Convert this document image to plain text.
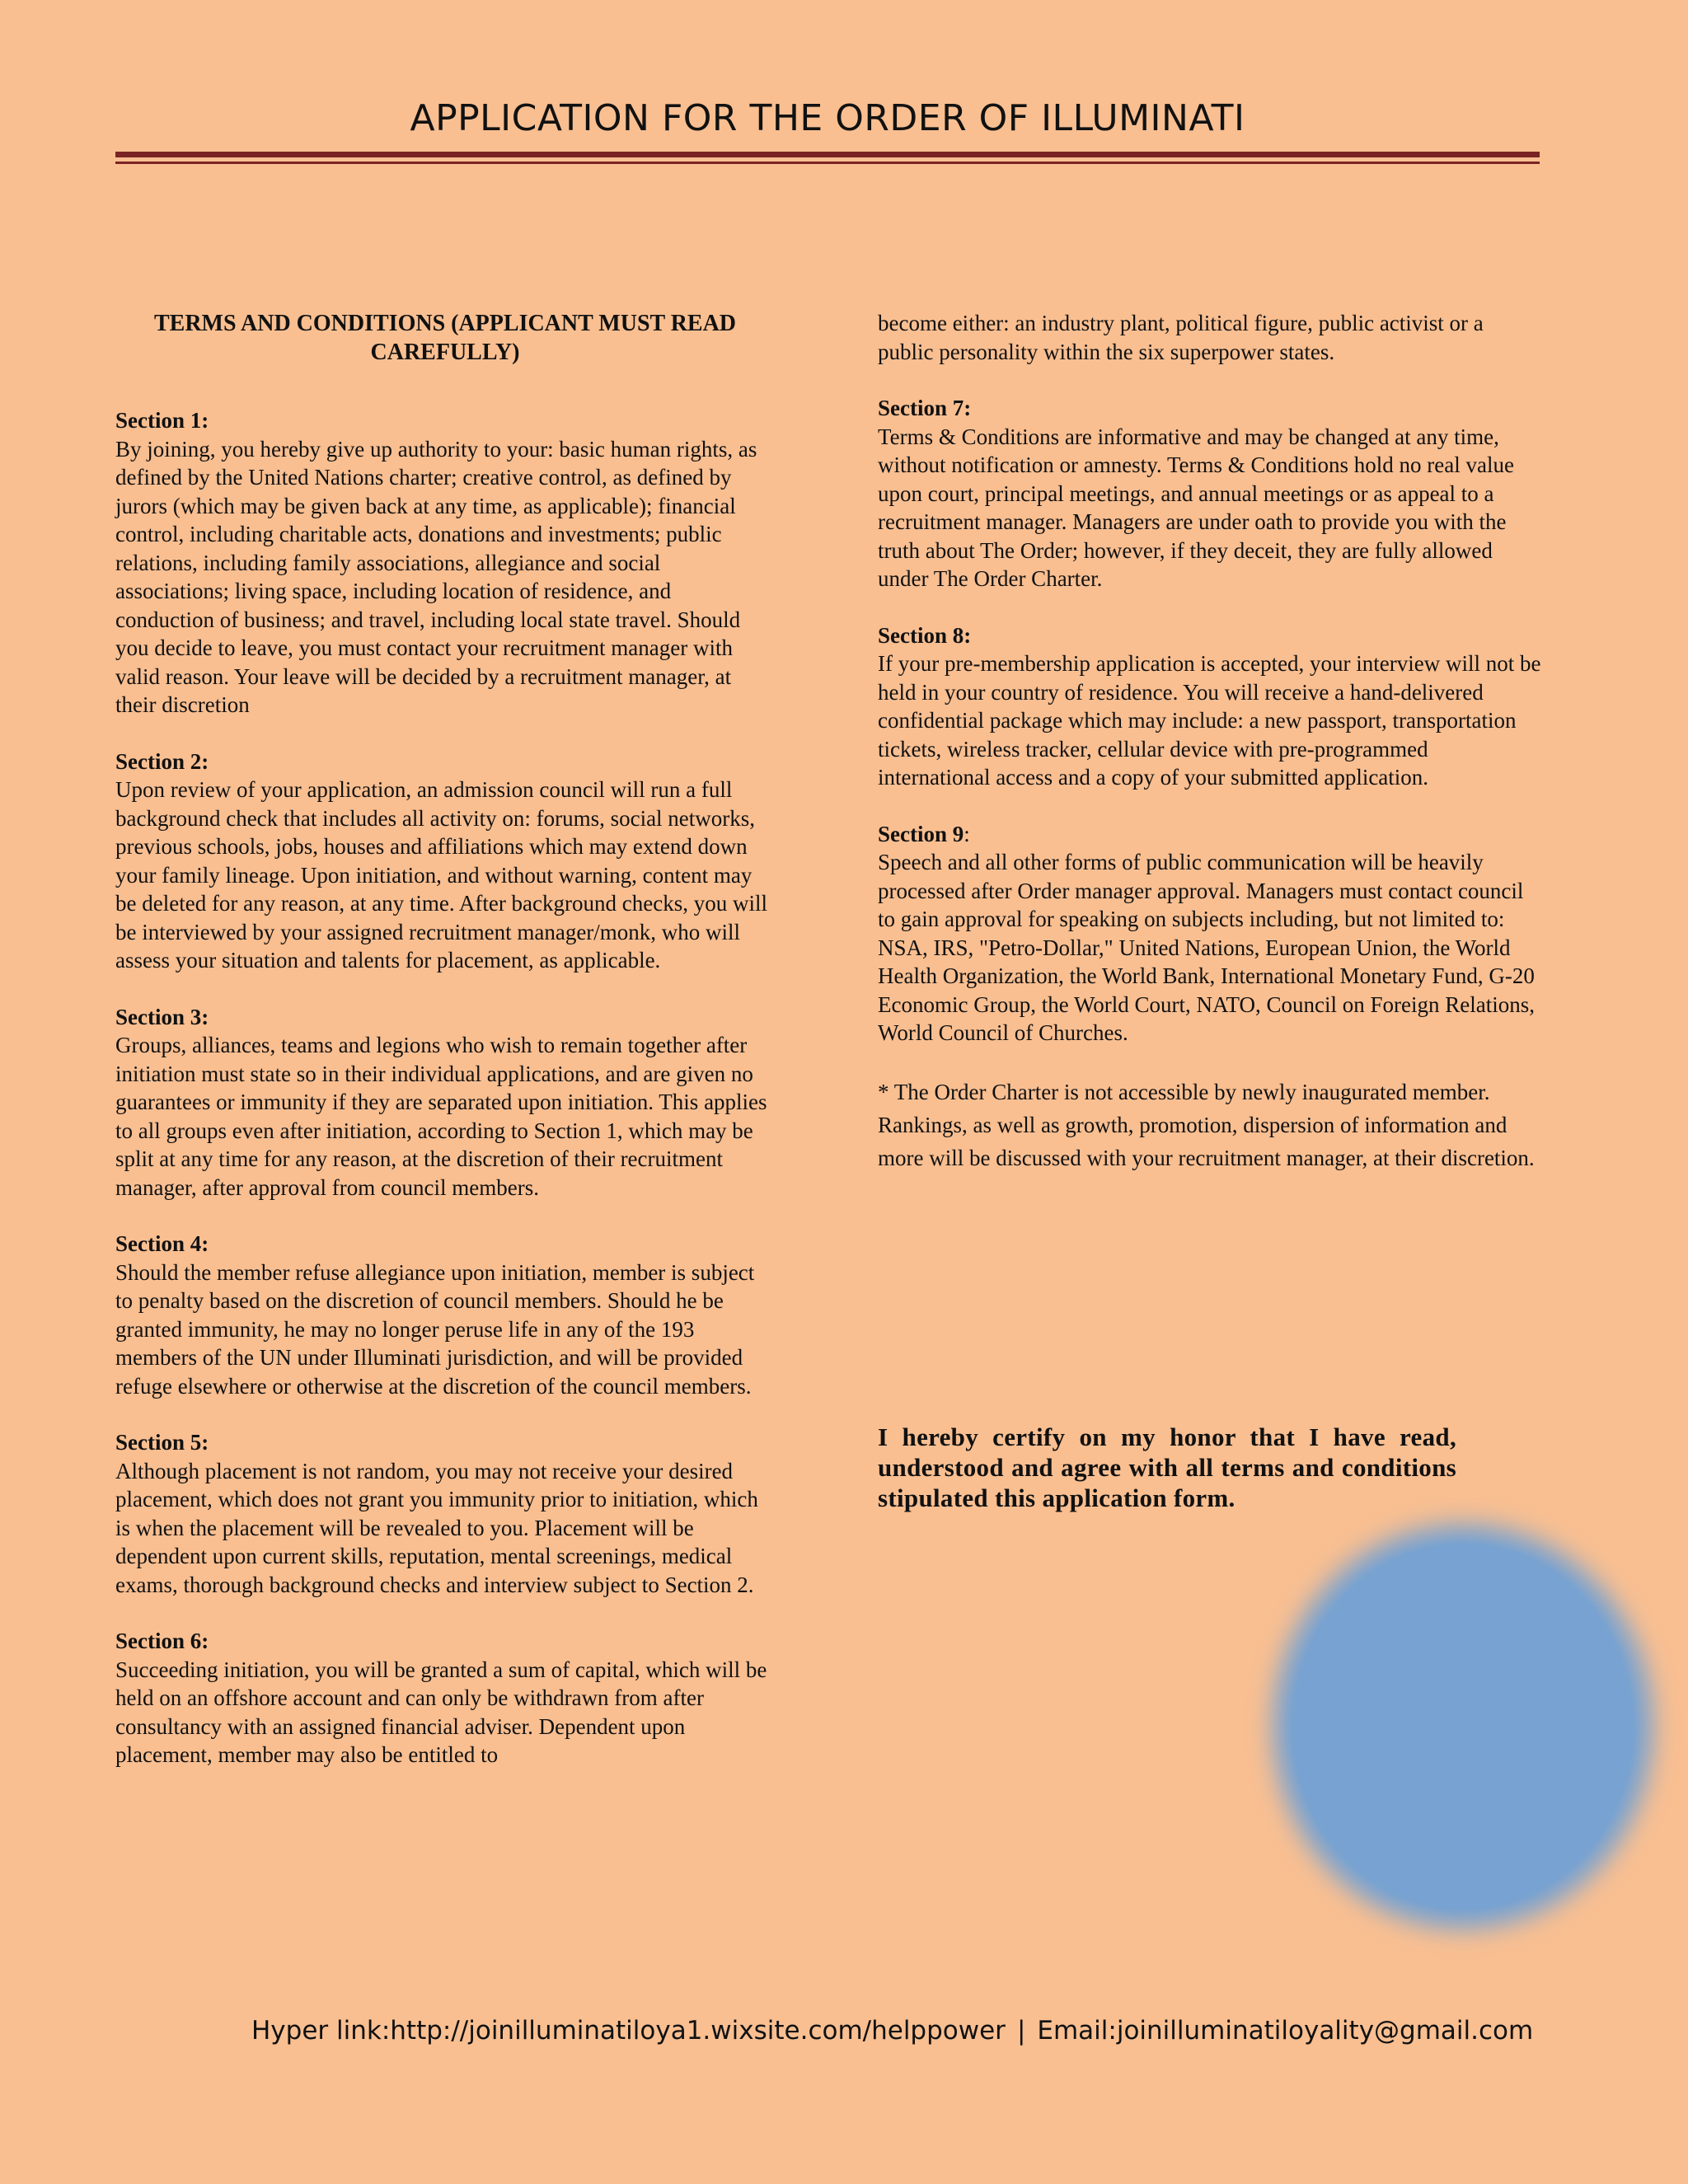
APPLICATION FOR THE ORDER OF ILLUMINATI
TERMS AND CONDITIONS (APPLICANT MUST READ CAREFULLY)
Section 1:

By joining, you hereby give up authority to your: basic human rights, as defined by the United Nations charter; creative control, as defined by jurors (which may be given back at any time, as applicable); financial control, including charitable acts, donations and investments; public relations, including family associations, allegiance and social associations; living space, including location of residence, and conduction of business; and travel, including local state travel. Should you decide to leave, you must contact your recruitment manager with valid reason. Your leave will be decided by a recruitment manager, at their discretion

Section 2:

Upon review of your application, an admission council will run a full background check that includes all activity on: forums, social networks, previous schools, jobs, houses and affiliations which may extend down your family lineage. Upon initiation, and without warning, content may be deleted for any reason, at any time. After background checks, you will be interviewed by your assigned recruitment manager/monk, who will assess your situation and talents for placement, as applicable.

Section 3:

Groups, alliances, teams and legions who wish to remain together after initiation must state so in their individual applications, and are given no guarantees or immunity if they are separated upon initiation. This applies to all groups even after initiation, according to Section 1, which may be split at any time for any reason, at the discretion of their recruitment manager, after approval from council members.

Section 4:

Should the member refuse allegiance upon initiation, member is subject to penalty based on the discretion of council members. Should he be granted immunity, he may no longer peruse life in any of the 193 members of the UN under Illuminati jurisdiction, and will be provided refuge elsewhere or otherwise at the discretion of the council members.

Section 5:

Although placement is not random, you may not receive your desired placement, which does not grant you immunity prior to initiation, which is when the placement will be revealed to you. Placement will be dependent upon current skills, reputation, mental screenings, medical exams, thorough background checks and interview subject to Section 2.

Section 6:

Succeeding initiation, you will be granted a sum of capital, which will be held on an offshore account and can only be withdrawn from after consultancy with an assigned financial adviser. Dependent upon placement, member may also be entitled to

become either: an industry plant, political figure, public activist or a public personality within the six superpower states.

Section 7:

Terms & Conditions are informative and may be changed at any time, without notification or amnesty. Terms & Conditions hold no real value upon court, principal meetings, and annual meetings or as appeal to a recruitment manager. Managers are under oath to provide you with the truth about The Order; however, if they deceit, they are fully allowed under The Order Charter.

Section 8:

If your pre-membership application is accepted, your interview will not be held in your country of residence. You will receive a hand-delivered confidential package which may include: a new passport, transportation tickets, wireless tracker, cellular device with pre-programmed international access and a copy of your submitted application.

Section 9:

Speech and all other forms of public communication will be heavily processed after Order manager approval. Managers must contact council to gain approval for speaking on subjects including, but not limited to: NSA, IRS, "Petro-Dollar," United Nations, European Union, the World Health Organization, the World Bank, International Monetary Fund, G-20 Economic Group, the World Court, NATO, Council on Foreign Relations, World Council of Churches.

* The Order Charter is not accessible by newly inaugurated member. Rankings, as well as growth, promotion, dispersion of information and more will be discussed with your recruitment manager, at their discretion.

I hereby certify on my honor that I have read, understood and agree with all terms and conditions stipulated this application form.
Hyper link:http://joinilluminatiloya1.wixsite.com/helppower | Email:joinilluminatiloyality@gmail.com
